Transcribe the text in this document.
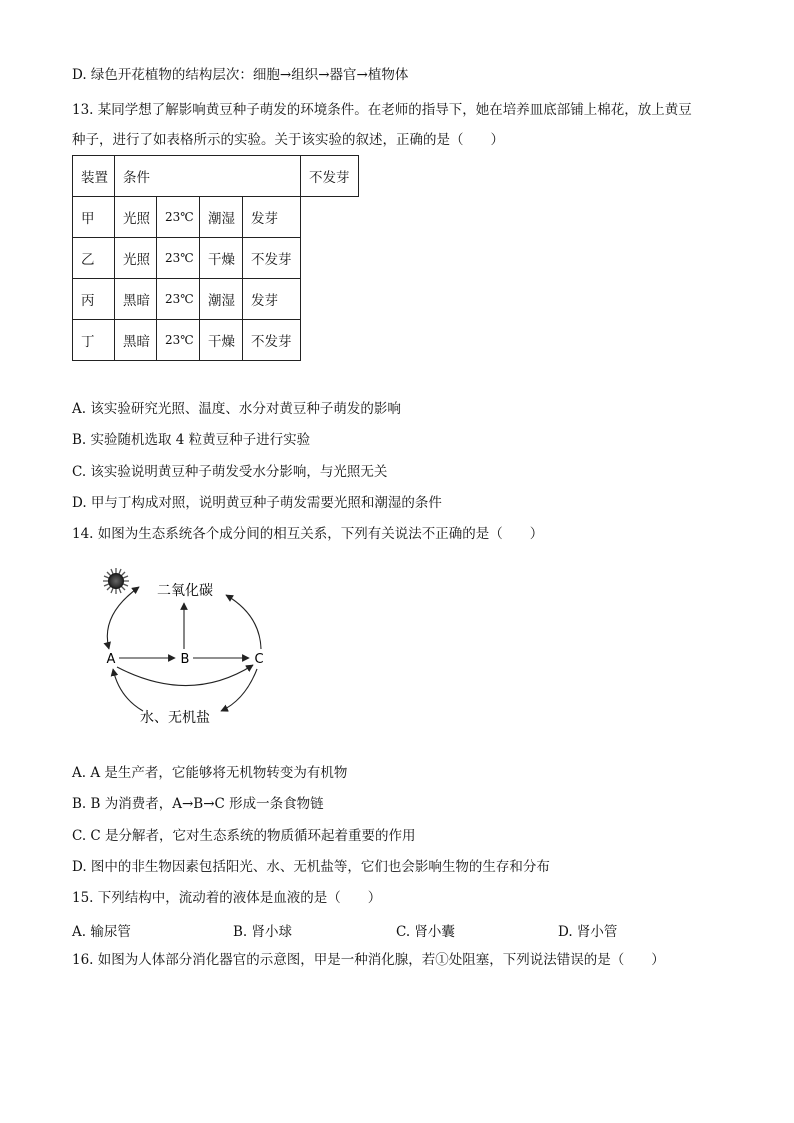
D. 绿色开花植物的结构层次：细胞→组织→器官→植物体
13. 某同学想了解影响黄豆种子萌发的环境条件。在老师的指导下，她在培养皿底部铺上棉花，放上黄豆
种子，进行了如表格所示的实验。关于该实验的叙述，正确的是（　　）
装置	条件				不发芽
甲	光照	23℃	潮湿	发芽	
乙	光照	23℃	干燥	不发芽	
丙	黑暗	23℃	潮湿	发芽	
丁	黑暗	23℃	干燥	不发芽	
A. 该实验研究光照、温度、水分对黄豆种子萌发的影响
B. 实验随机选取 4 粒黄豆种子进行实验
C. 该实验说明黄豆种子萌发受水分影响，与光照无关
D. 甲与丁构成对照，说明黄豆种子萌发需要光照和潮湿的条件
14. 如图为生态系统各个成分间的相互关系，下列有关说法不正确的是（　　）
二氧化碳
水、无机盐
A	B	C
A. A 是生产者，它能够将无机物转变为有机物
B. B 为消费者，A→B→C 形成一条食物链
C. C 是分解者，它对生态系统的物质循环起着重要的作用
D. 图中的非生物因素包括阳光、水、无机盐等，它们也会影响生物的生存和分布
15. 下列结构中，流动着的液体是血液的是（　　）
A. 输尿管	B. 肾小球	C. 肾小囊	D. 肾小管
16. 如图为人体部分消化器官的示意图，甲是一种消化腺，若①处阻塞，下列说法错误的是（　　）
